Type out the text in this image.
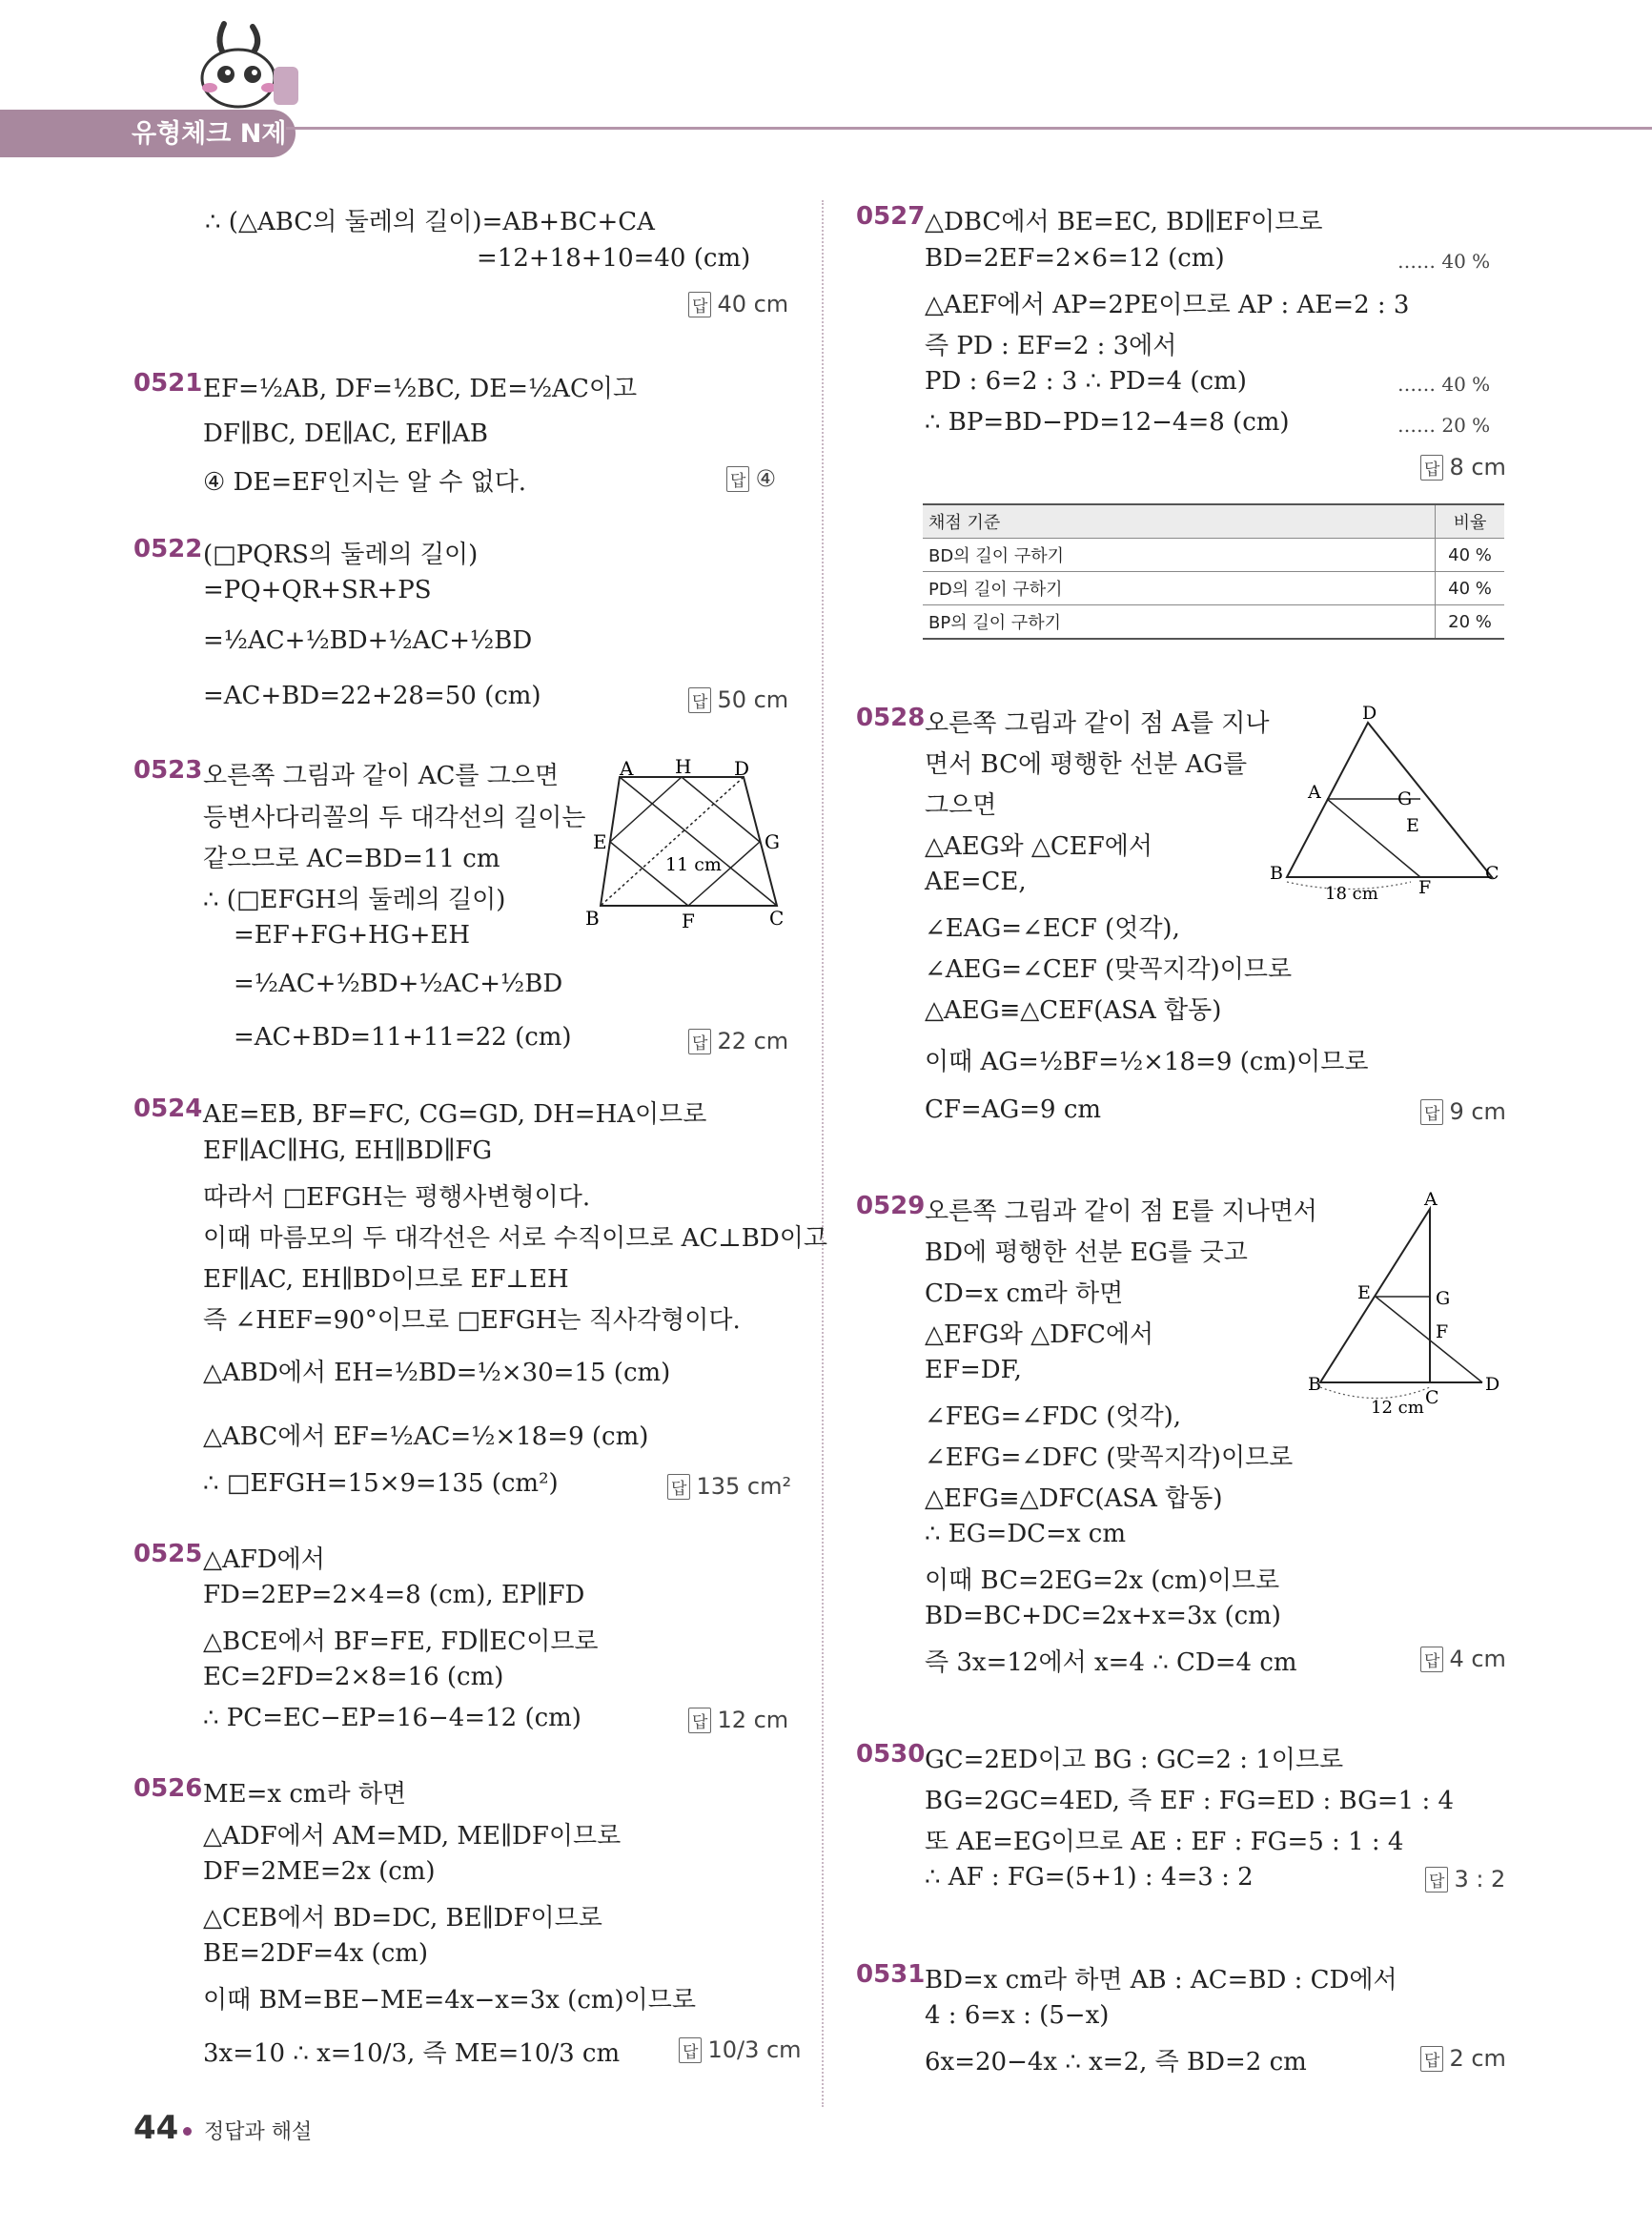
유형체크 N제
∴ (△ABC의 둘레의 길이)=AB+BC+CA
=12+18+10=40 (cm)
답 40 cm
0521 EF=½AB, DF=½BC, DE=½AC이고
DF∥BC, DE∥AC, EF∥AB
④ DE=EF인지는 알 수 없다.	답 ④
0522 (□PQRS의 둘레의 길이)
=PQ+QR+SR+PS
=½AC+½BD+½AC+½BD
=AC+BD=22+28=50 (cm)	답 50 cm
0523 오른쪽 그림과 같이 AC를 그으면
등변사다리꼴의 두 대각선의 길이는
같으므로 AC=BD=11 cm
∴ (□EFGH의 둘레의 길이)
=EF+FG+HG+EH
=½AC+½BD+½AC+½BD
=AC+BD=11+11=22 (cm)	답 22 cm
A H D
E	G
B	F	C
11 cm
0524 AE=EB, BF=FC, CG=GD, DH=HA이므로
EF∥AC∥HG, EH∥BD∥FG
따라서 □EFGH는 평행사변형이다.
이때 마름모의 두 대각선은 서로 수직이므로 AC⊥BD이고
EF∥AC, EH∥BD이므로 EF⊥EH
즉 ∠HEF=90°이므로 □EFGH는 직사각형이다.
△ABD에서 EH=½BD=½×30=15 (cm)
△ABC에서 EF=½AC=½×18=9 (cm)
∴ □EFGH=15×9=135 (cm²)	답 135 cm²
0525 △AFD에서
FD=2EP=2×4=8 (cm), EP∥FD
△BCE에서 BF=FE, FD∥EC이므로
EC=2FD=2×8=16 (cm)
∴ PC=EC−EP=16−4=12 (cm)	답 12 cm
0526 ME=x cm라 하면
△ADF에서 AM=MD, ME∥DF이므로
DF=2ME=2x (cm)
△CEB에서 BD=DC, BE∥DF이므로
BE=2DF=4x (cm)
이때 BM=BE−ME=4x−x=3x (cm)이므로
3x=10 ∴ x=10/3, 즉 ME=10/3 cm	답 10/3 cm
0527 △DBC에서 BE=EC, BD∥EF이므로
BD=2EF=2×6=12 (cm)
△AEF에서 AP=2PE이므로 AP : AE=2 : 3
즉 PD : EF=2 : 3에서
PD : 6=2 : 3 ∴ PD=4 (cm)
∴ BP=BD−PD=12−4=8 (cm)
…… 40 %
…… 40 %
…… 20 %
답 8 cm
채점 기준	비율
BD의 길이 구하기	40 %
PD의 길이 구하기	40 %
BP의 길이 구하기	20 %
0528 오른쪽 그림과 같이 점 A를 지나
면서 BC에 평행한 선분 AG를
그으면
△AEG와 △CEF에서
AE=CE,
∠EAG=∠ECF (엇각),
∠AEG=∠CEF (맞꼭지각)이므로
△AEG≡△CEF(ASA 합동)
이때 AG=½BF=½×18=9 (cm)이므로
CF=AG=9 cm	답 9 cm
D
A	G
E
B
F
C
18 cm
0529 오른쪽 그림과 같이 점 E를 지나면서
BD에 평행한 선분 EG를 긋고
CD=x cm라 하면
△EFG와 △DFC에서
EF=DF,
∠FEG=∠FDC (엇각),
∠EFG=∠DFC (맞꼭지각)이므로
△EFG≡△DFC(ASA 합동)
∴ EG=DC=x cm
이때 BC=2EG=2x (cm)이므로
BD=BC+DC=2x+x=3x (cm)
즉 3x=12에서 x=4 ∴ CD=4 cm	답 4 cm
A
E	G
F
B
C
D
12 cm
0530 GC=2ED이고 BG : GC=2 : 1이므로
BG=2GC=4ED, 즉 EF : FG=ED : BG=1 : 4
또 AE=EG이므로 AE : EF : FG=5 : 1 : 4
∴ AF : FG=(5+1) : 4=3 : 2	답 3 : 2
0531 BD=x cm라 하면 AB : AC=BD : CD에서
4 : 6=x : (5−x)
6x=20−4x ∴ x=2, 즉 BD=2 cm	답 2 cm
44 정답과 해설
